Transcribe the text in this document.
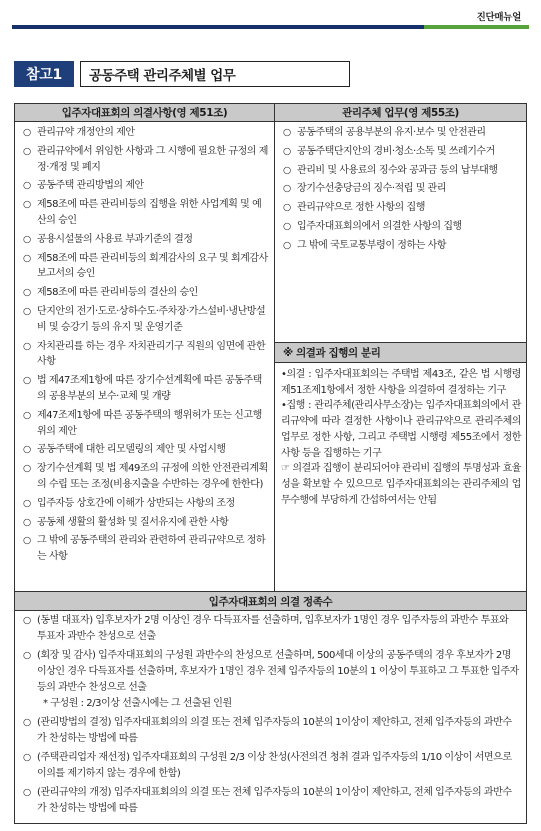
진단매뉴얼
참고1	공동주택 관리주체별 업무
입주자대표회의 의결사항(영 제51조)	관리주체 업무(영 제55조)
○ 관리규약 개정안의 제안
○ 관리규약에서 위임한 사항과 그 시행에 필요한 규정의 제정·개정 및 폐지
○ 공동주택 관리방법의 제안
○ 제58조에 따른 관리비등의 집행을 위한 사업계획 및 예산의 승인
○ 공용시설물의 사용료 부과기준의 결정
○ 제58조에 따른 관리비등의 회계감사의 요구 및 회계감사보고서의 승인
○ 제58조에 따른 관리비등의 결산의 승인
○ 단지안의 전기·도로·상하수도·주차장·가스설비·냉난방설비 및 승강기 등의 유지 및 운영기준
○ 자치관리를 하는 경우 자치관리기구 직원의 임면에 관한 사항
○ 법 제47조제1항에 따른 장기수선계획에 따른 공동주택의 공용부분의 보수·교체 및 개량
○ 제47조제1항에 따른 공동주택의 행위허가 또는 신고행위의 제안
○ 공동주택에 대한 리모델링의 제안 및 사업시행
○ 장기수선계획 및 법 제49조의 규정에 의한 안전관리계획의 수립 또는 조정(비용지출을 수반하는 경우에 한한다)
○ 입주자등 상호간에 이해가 상반되는 사항의 조정
○ 공동체 생활의 활성화 및 질서유지에 관한 사항
○ 그 밖에 공동주택의 관리와 관련하여 관리규약으로 정하는 사항
○ 공동주택의 공용부분의 유지·보수 및 안전관리
○ 공동주택단지안의 경비·청소·소독 및 쓰레기수거
○ 관리비 및 사용료의 징수와 공과금 등의 납부대행
○ 장기수선충당금의 징수·적립 및 관리
○ 관리규약으로 정한 사항의 집행
○ 입주자대표회의에서 의결한 사항의 집행
○ 그 밖에 국토교통부령이 정하는 사항
※ 의결과 집행의 분리

•의결 : 입주자대표회의는 주택법 제43조, 같은 법 시행령 제51조제1항에서 정한 사항을 의결하여 결정하는 기구

•집행 : 관리주체(관리사무소장)는 입주자대표회의에서 관리규약에 따라 결정한 사항이나 관리규약으로 관리주체의 업무로 정한 사항, 그리고 주택법 시행령 제55조에서 정한 사항 등을 집행하는 기구

☞ 의결과 집행이 분리되어야 관리비 집행의 투명성과 효율성을 확보할 수 있으므로 입주자대표회의는 관리주체의 업무수행에 부당하게 간섭하여서는 안됨

입주자대표회의 의결 정족수
○ (동별 대표자) 입후보자가 2명 이상인 경우 다득표자를 선출하며, 입후보자가 1명인 경우 입주자등의 과반수 투표와 투표자 과반수 찬성으로 선출
○ (회장 및 감사) 입주자대표회의 구성원 과반수의 찬성으로 선출하며, 500세대 이상의 공동주택의 경우 후보자가 2명 이상인 경우 다득표자를 선출하며, 후보자가 1명인 경우 전체 입주자등의 10분의 1 이상이 투표하고 그 투표한 입주자등의 과반수 찬성으로 선출
* 구성원 : 2/3이상 선출시에는 그 선출된 인원
○ (관리방법의 결정) 입주자대표회의의 의결 또는 전체 입주자등의 10분의 1이상이 제안하고, 전체 입주자등의 과반수가 찬성하는 방법에 따름
○ (주택관리업자 재선정) 입주자대표회의 구성원 2/3 이상 찬성(사전의견 청취 결과 입주자등의 1/10 이상이 서면으로 이의를 제기하지 않는 경우에 한함)
○ (관리규약의 개정) 입주자대표회의의 의결 또는 전체 입주자등의 10분의 1이상이 제안하고, 전체 입주자등의 과반수가 찬성하는 방법에 따름
